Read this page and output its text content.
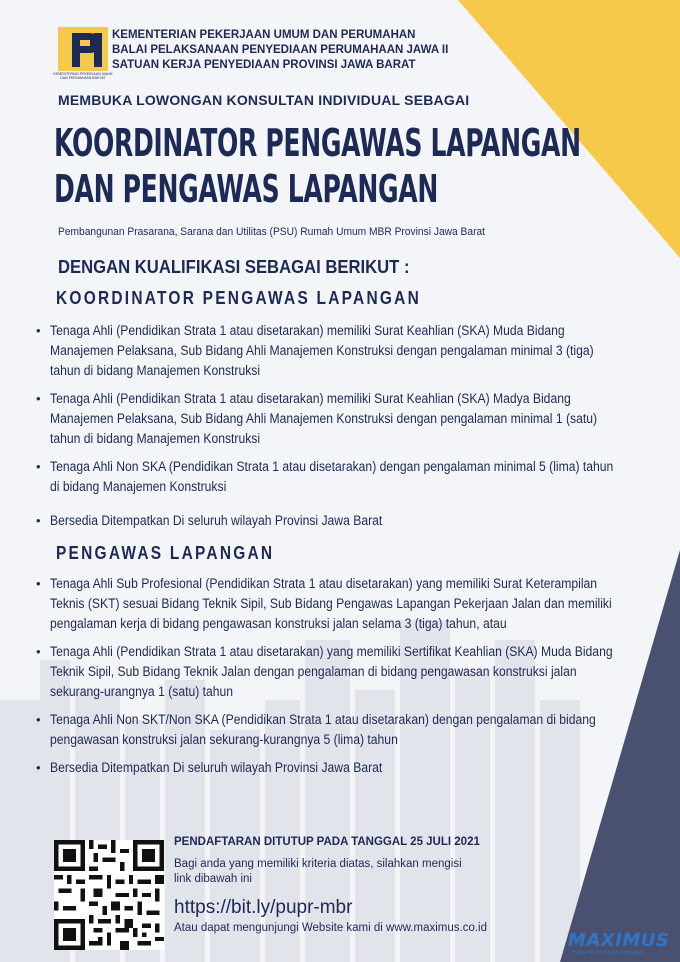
KEMENTERIAN PEKERJAAN UMUM DAN PERUMAHAN RAKYAT
KEMENTERIAN PEKERJAAN UMUM DAN PERUMAHAN
BALAI PELAKSANAAN PENYEDIAAN PERUMAHAAN JAWA II
SATUAN KERJA PENYEDIAAN PROVINSI JAWA BARAT
MEMBUKA LOWONGAN KONSULTAN INDIVIDUAL SEBAGAI
KOORDINATOR PENGAWAS LAPANGAN
DAN PENGAWAS LAPANGAN
Pembangunan Prasarana, Sarana dan Utilitas (PSU) Rumah Umum MBR Provinsi Jawa Barat
DENGAN KUALIFIKASI SEBAGAI BERIKUT :
KOORDINATOR PENGAWAS LAPANGAN
• Tenaga Ahli (Pendidikan Strata 1 atau disetarakan) memiliki Surat Keahlian (SKA) Muda Bidang Manajemen Pelaksana, Sub Bidang Ahli Manajemen Konstruksi dengan pengalaman minimal 3 (tiga) tahun di bidang Manajemen Konstruksi
• Tenaga Ahli (Pendidikan Strata 1 atau disetarakan) memiliki Surat Keahlian (SKA) Madya Bidang Manajemen Pelaksana, Sub Bidang Ahli Manajemen Konstruksi dengan pengalaman minimal 1 (satu) tahun di bidang Manajemen Konstruksi
• Tenaga Ahli Non SKA (Pendidikan Strata 1 atau disetarakan) dengan pengalaman minimal 5 (lima) tahun di bidang Manajemen Konstruksi
• Bersedia Ditempatkan Di seluruh wilayah Provinsi Jawa Barat
PENGAWAS LAPANGAN
• Tenaga Ahli Sub Profesional (Pendidikan Strata 1 atau disetarakan) yang memiliki Surat Keterampilan Teknis (SKT) sesuai Bidang Teknik Sipil, Sub Bidang Pengawas Lapangan Pekerjaan Jalan dan memiliki pengalaman kerja di bidang pengawasan konstruksi jalan selama 3 (tiga) tahun, atau
• Tenaga Ahli (Pendidikan Strata 1 atau disetarakan) yang memiliki Sertifikat Keahlian (SKA) Muda Bidang Teknik Sipil, Sub Bidang Teknik Jalan dengan pengalaman di bidang pengawasan konstruksi jalan sekurang-urangnya 1 (satu) tahun
• Tenaga Ahli Non SKT/Non SKA (Pendidikan Strata 1 atau disetarakan) dengan pengalaman di bidang pengawasan konstruksi jalan sekurang-kurangnya 5 (lima) tahun
• Bersedia Ditempatkan Di seluruh wilayah Provinsi Jawa Barat
PENDAFTARAN DITUTUP PADA TANGGAL 25 JULI 2021
Bagi anda yang memiliki kriteria diatas, silahkan mengisi
link dibawah ini
https://bit.ly/pupr-mbr
Atau dapat mengunjungi Website kami di www.maximus.co.id
MAXIMUS
Human Performance Consultant
